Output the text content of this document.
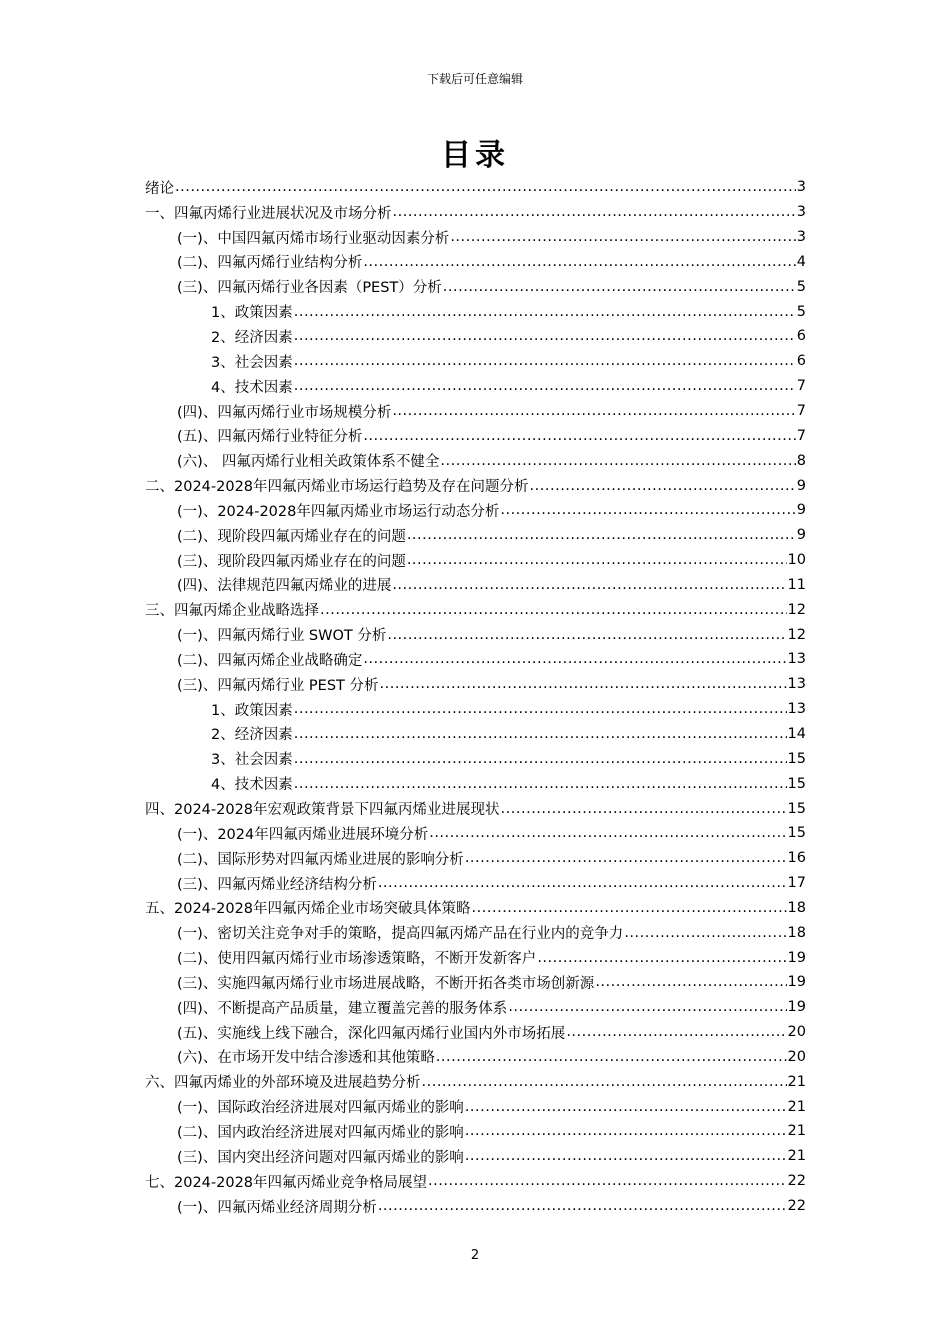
下载后可任意编辑
目录
绪论 .....	3
一、四氟丙烯行业进展状况及市场分析 .....	3
(一)、中国四氟丙烯市场行业驱动因素分析 .....	3
(二)、四氟丙烯行业结构分析 .....	4
(三)、四氟丙烯行业各因素（PEST）分析 .....	5
1、政策因素 .....	5
2、经济因素 .....	6
3、社会因素 .....	6
4、技术因素 .....	7
(四)、四氟丙烯行业市场规模分析 .....	7
(五)、四氟丙烯行业特征分析 .....	7
(六)、 四氟丙烯行业相关政策体系不健全 .....	8
二、2024-2028年四氟丙烯业市场运行趋势及存在问题分析 .....	9
(一)、2024-2028年四氟丙烯业市场运行动态分析 .....	9
(二)、现阶段四氟丙烯业存在的问题 .....	9
(三)、现阶段四氟丙烯业存在的问题 .....	10
(四)、法律规范四氟丙烯业的进展 .....	11
三、四氟丙烯企业战略选择 .....	12
(一)、四氟丙烯行业 SWOT 分析 .....	12
(二)、四氟丙烯企业战略确定 .....	13
(三)、四氟丙烯行业 PEST 分析 .....	13
1、政策因素 .....	13
2、经济因素 .....	14
3、社会因素 .....	15
4、技术因素 .....	15
四、2024-2028年宏观政策背景下四氟丙烯业进展现状 .....	15
(一)、2024年四氟丙烯业进展环境分析 .....	15
(二)、国际形势对四氟丙烯业进展的影响分析 .....	16
(三)、四氟丙烯业经济结构分析 .....	17
五、2024-2028年四氟丙烯企业市场突破具体策略 .....	18
(一)、密切关注竞争对手的策略，提高四氟丙烯产品在行业内的竞争力 .....	18
(二)、使用四氟丙烯行业市场渗透策略，不断开发新客户 .....	19
(三)、实施四氟丙烯行业市场进展战略，不断开拓各类市场创新源 .....	19
(四)、不断提高产品质量，建立覆盖完善的服务体系 .....	19
(五)、实施线上线下融合，深化四氟丙烯行业国内外市场拓展 .....	20
(六)、在市场开发中结合渗透和其他策略 .....	20
六、四氟丙烯业的外部环境及进展趋势分析 .....	21
(一)、国际政治经济进展对四氟丙烯业的影响 .....	21
(二)、国内政治经济进展对四氟丙烯业的影响 .....	21
(三)、国内突出经济问题对四氟丙烯业的影响 .....	21
七、2024-2028年四氟丙烯业竞争格局展望 .....	22
(一)、四氟丙烯业经济周期分析 .....	22
2
